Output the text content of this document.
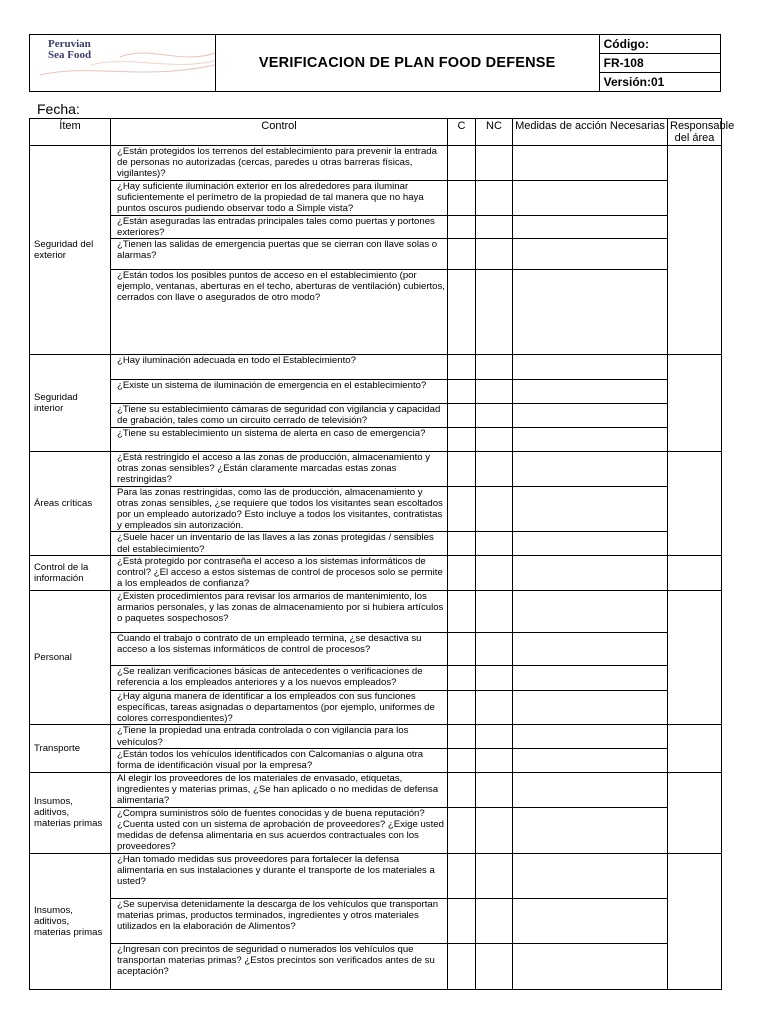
Peruvian
Sea Food	VERIFICACION DE PLAN FOOD DEFENSE	Código:
FR-108
Versión:01
Fecha:
Ítem	Control	C	NC	Medidas de acción Necesarias	Responsable del área
Seguridad del exterior	¿Están protegidos los terrenos del establecimiento para prevenir la entrada de personas no autorizadas (cercas, paredes u otras barreras físicas, vigilantes)?				
	¿Hay suficiente iluminación exterior en los alrededores para iluminar suficientemente el perímetro de la propiedad de tal manera que no haya puntos oscuros pudiendo observar todo a Simple vista?				
	¿Están aseguradas las entradas principales tales como puertas y portones exteriores?				
	¿Tienen las salidas de emergencia puertas que se cierran con llave solas o alarmas?				
	¿Están todos los posibles puntos de acceso en el establecimiento (por ejemplo, ventanas, aberturas en el techo, aberturas de ventilación) cubiertos, cerrados con llave o asegurados de otro modo?				
Seguridad interior	¿Hay iluminación adecuada en todo el Establecimiento?				
	¿Existe un sistema de iluminación de emergencia en el establecimiento?				
	¿Tiene su establecimiento cámaras de seguridad con vigilancia y capacidad de grabación, tales como un circuito cerrado de televisión?				
	¿Tiene su establecimiento un sistema de alerta en caso de emergencia?				
Áreas críticas	¿Está restringido el acceso a las zonas de producción, almacenamiento y otras zonas sensibles? ¿Están claramente marcadas estas zonas restringidas?				
	Para las zonas restringidas, como las de producción, almacenamiento y otras zonas sensibles, ¿se requiere que todos los visitantes sean escoltados por un empleado autorizado? Esto incluye a todos los visitantes, contratistas y empleados sin autorización.				
	¿Suele hacer un inventario de las llaves a las zonas protegidas / sensibles del establecimiento?				
Control de la información	¿Está protegido por contraseña el acceso a los sistemas informáticos de control? ¿El acceso a estos sistemas de control de procesos solo se permite a los empleados de confianza?				
Personal	¿Existen procedimientos para revisar los armarios de mantenimiento, los armarios personales, y las zonas de almacenamiento por si hubiera artículos o paquetes sospechosos?				
	Cuando el trabajo o contrato de un empleado termina, ¿se desactiva su acceso a los sistemas informáticos de control de procesos?				
	¿Se realizan verificaciones básicas de antecedentes o verificaciones de referencia a los empleados anteriores y a los nuevos empleados?				
	¿Hay alguna manera de identificar a los empleados con sus funciones específicas, tareas asignadas o departamentos (por ejemplo, uniformes de colores correspondientes)?				
Transporte	¿Tiene la propiedad una entrada controlada o con vigilancia para los vehículos?				
	¿Están todos los vehículos identificados con Calcomanías o alguna otra forma de identificación visual por la empresa?				
Insumos, aditivos, materias primas	Al elegir los proveedores de los materiales de envasado, etiquetas, ingredientes y materias primas, ¿Se han aplicado o no medidas de defensa alimentaria?				
	¿Compra suministros sólo de fuentes conocidas y de buena reputación? ¿Cuenta usted con un sistema de aprobación de proveedores? ¿Exige usted medidas de defensa alimentaria en sus acuerdos contractuales con los proveedores?				
Insumos, aditivos, materias primas	¿Han tomado medidas sus proveedores para fortalecer la defensa alimentaria en sus instalaciones y durante el transporte de los materiales a usted?				
	¿Se supervisa detenidamente la descarga de los vehículos que transportan materias primas, productos terminados, ingredientes y otros materiales utilizados en la elaboración de Alimentos?				
	¿Ingresan con precintos de seguridad o numerados los vehículos que transportan materias primas? ¿Estos precintos son verificados antes de su aceptación?				
